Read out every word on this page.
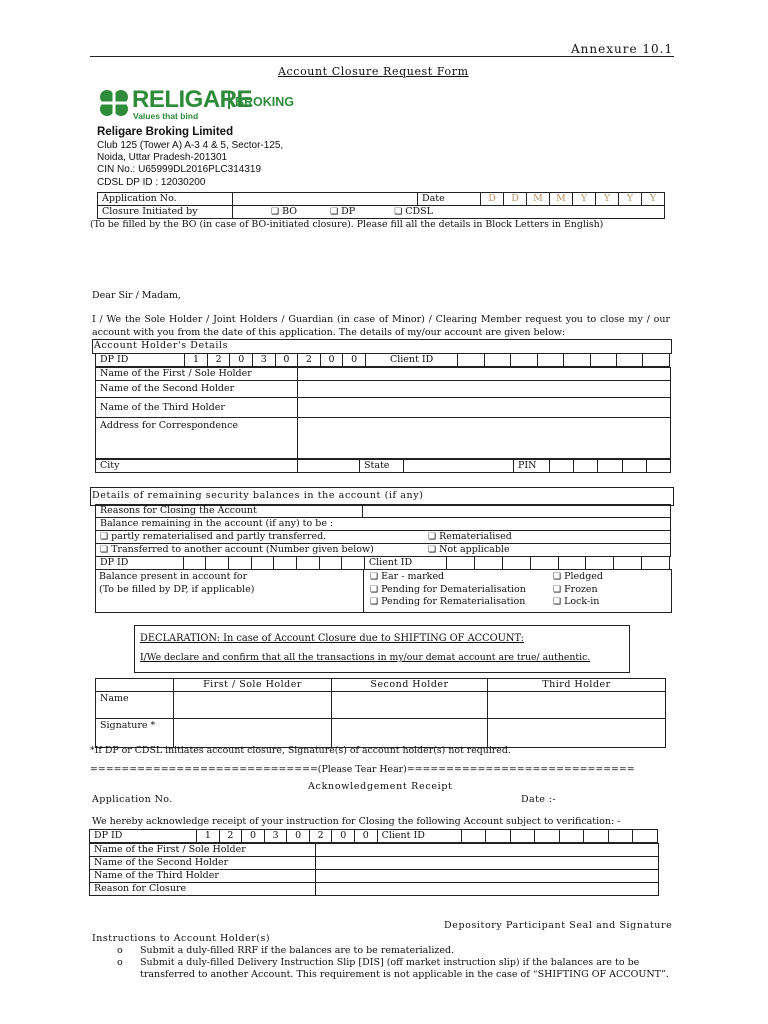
Annexure 10.1
Account Closure Request Form
RELIGARE
Values that bind
BROKING
Religare Broking Limited
Club 125 (Tower A) A-3 4 & 5, Sector-125,
Noida, Uttar Pradesh-201301
CIN No.: U65999DL2016PLC314319
CDSL DP ID : 12030200
Application No.		Date	D	D	M	M	Y	Y	Y	Y
Closure Initiated by	❏ BO ❏ DP ❏ CDSL
(To be filled by the BO (in case of BO-initiated closure). Please fill all the details in Block Letters in English)
Dear Sir / Madam,
I / We the Sole Holder / Joint Holders / Guardian (in case of Minor) / Clearing Member request you to close my / our account with you from the date of this application. The details of my/our account are given below:
Account Holder's Details
DP ID	1	2	0	3	0	2	0	0	Client ID								
Name of the First / Sole Holder	
Name of the Second Holder	
Name of the Third Holder	
Address for Correspondence	
City		State		PIN					
Details of remaining security balances in the account (if any)
Reasons for Closing the Account	
Balance remaining in the account (if any) to be :
❏ partly rematerialised and partly transferred.	❏ Rematerialised

❏ Transferred to another account (Number given below)	❏ Not applicable
DP ID									Client ID								
Balance present in account for
(To be filled by DP, if applicable)
❏ Ear - marked
❏ Pending for Dematerialisation
❏ Pending for Rematerialisation
❏ Pledged
❏ Frozen
❏ Lock-in
DECLARATION: In case of Account Closure due to SHIFTING OF ACCOUNT:
I/We declare and confirm that all the transactions in my/our demat account are true/ authentic.
	First / Sole Holder	Second Holder	Third Holder
Name			
Signature *			
*If DP or CDSL initiates account closure, Signature(s) of account holder(s) not required.
=============================(Please Tear Hear)=============================
Acknowledgement Receipt
Application No.	Date :-
We hereby acknowledge receipt of your instruction for Closing the following Account subject to verification: -
DP ID	1	2	0	3	0	2	0	0	Client ID								
Name of the First / Sole Holder	
Name of the Second Holder	
Name of the Third Holder	
Reason for Closure	
Depository Participant Seal and Signature
Instructions to Account Holder(s)
o Submit a duly-filled RRF if the balances are to be rematerialized.
o Submit a duly-filled Delivery Instruction Slip [DIS] (off market instruction slip) if the balances are to be
transferred to another Account. This requirement is not applicable in the case of “SHIFTING OF ACCOUNT”.
